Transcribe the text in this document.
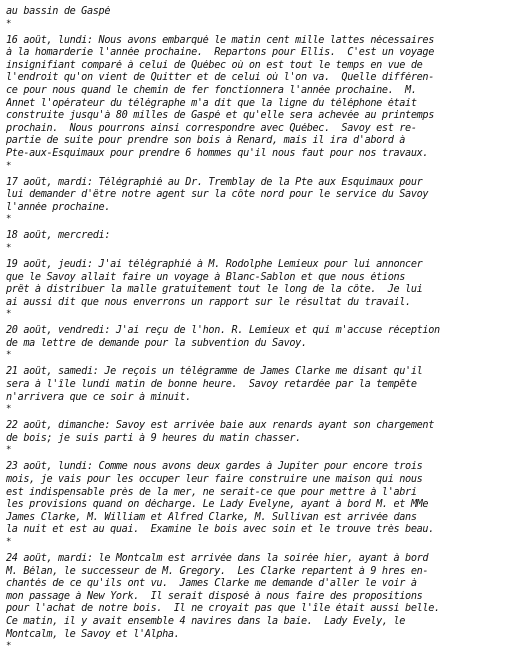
au bassin de Gaspé
*
16 août, lundi: Nous avons embarqué le matin cent mille lattes nécessaires
à la homarderie l'année prochaine.  Repartons pour Ellis.  C'est un voyage
insignifiant comparé à celui de Québec où on est tout le temps en vue de
l'endroit qu'on vient de Quitter et de celui où l'on va.  Quelle différen-
ce pour nous quand le chemin de fer fonctionnera l'année prochaine.  M.
Annet l'opérateur du télégraphe m'a dit que la ligne du téléphone était
construite jusqu'à 80 milles de Gaspé et qu'elle sera achevée au printemps
prochain.  Nous pourrons ainsi correspondre avec Québec.  Savoy est re-
partie de suite pour prendre son bois à Renard, mais il ira d'abord à
Pte-aux-Esquimaux pour prendre 6 hommes qu'il nous faut pour nos travaux.
*
17 août, mardi: Télégraphié au Dr. Tremblay de la Pte aux Esquimaux pour
lui demander d'être notre agent sur la côte nord pour le service du Savoy
l'année prochaine.
*
18 août, mercredi:
*
19 août, jeudi: J'ai télégraphié à M. Rodolphe Lemieux pour lui annoncer
que le Savoy allait faire un voyage à Blanc-Sablon et que nous étions
prêt à distribuer la malle gratuitement tout le long de la côte.  Je lui
ai aussi dit que nous enverrons un rapport sur le résultat du travail.
*
20 août, vendredi: J'ai reçu de l'hon. R. Lemieux et qui m'accuse réception
de ma lettre de demande pour la subvention du Savoy.
*
21 août, samedi: Je reçois un télégramme de James Clarke me disant qu'il
sera à l'île lundi matin de bonne heure.  Savoy retardée par la tempête
n'arrivera que ce soir à minuit.
*
22 août, dimanche: Savoy est arrivée baie aux renards ayant son chargement
de bois; je suis parti à 9 heures du matin chasser.
*
23 août, lundi: Comme nous avons deux gardes à Jupiter pour encore trois
mois, je vais pour les occuper leur faire construire une maison qui nous
est indispensable près de la mer, ne serait-ce que pour mettre à l'abri
les provisions quand on décharge. Le Lady Evelyne, ayant à bord M. et MMe
James Clarke, M. William et Alfred Clarke, M. Sullivan est arrivée dans
la nuit et est au quai.  Examine le bois avec soin et le trouve très beau.
*
24 août, mardi: le Montcalm est arrivée dans la soirée hier, ayant à bord
M. Bélan, le successeur de M. Gregory.  Les Clarke repartent à 9 hres en-
chantés de ce qu'ils ont vu.  James Clarke me demande d'aller le voir à
mon passage à New York.  Il serait disposé à nous faire des propositions
pour l'achat de notre bois.  Il ne croyait pas que l'île était aussi belle.
Ce matin, il y avait ensemble 4 navires dans la baie.  Lady Evely, le
Montcalm, le Savoy et l'Alpha.
*
